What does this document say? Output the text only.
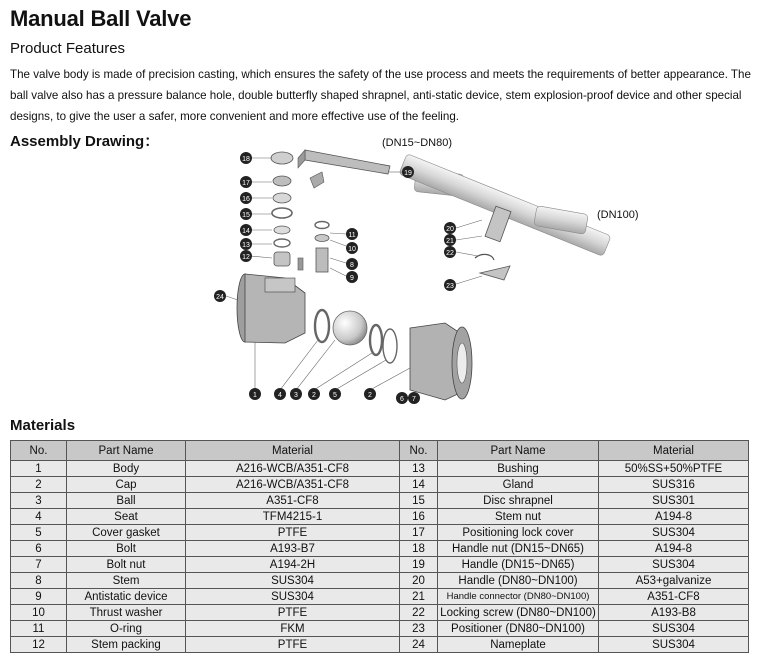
Manual Ball Valve
Product Features
The valve body is made of precision casting, which ensures the safety of the use process and meets the requirements of better appearance. The ball valve also has a pressure balance hole, double butterfly shaped shrapnel, anti-static device, stem explosion-proof device and other special designs, to give the user a safer, more convenient and more effective use of the feeling.
Assembly Drawing：	(DN15~DN80)
(DN100)
18
17
16
15
14
13
12
11
10
8
9
19
20
21
22
23
24
1	4 3 2 5	2
6 7
Materials
No.	Part Name	Material	No.	Part Name	Material
1	Body	A216-WCB/A351-CF8	13	Bushing	50%SS+50%PTFE
2	Cap	A216-WCB/A351-CF8	14	Gland	SUS316
3	Ball	A351-CF8	15	Disc shrapnel	SUS301
4	Seat	TFM4215-1	16	Stem nut	A194-8
5	Cover gasket	PTFE	17	Positioning lock cover	SUS304
6	Bolt	A193-B7	18	Handle nut (DN15~DN65)	A194-8
7	Bolt nut	A194-2H	19	Handle (DN15~DN65)	SUS304
8	Stem	SUS304	20	Handle (DN80~DN100)	A53+galvanize
9	Antistatic device	SUS304	21	Handle connector (DN80~DN100)	A351-CF8
10	Thrust washer	PTFE	22	Locking screw (DN80~DN100)	A193-B8
11	O-ring	FKM	23	Positioner (DN80~DN100)	SUS304
12	Stem packing	PTFE	24	Nameplate	SUS304
